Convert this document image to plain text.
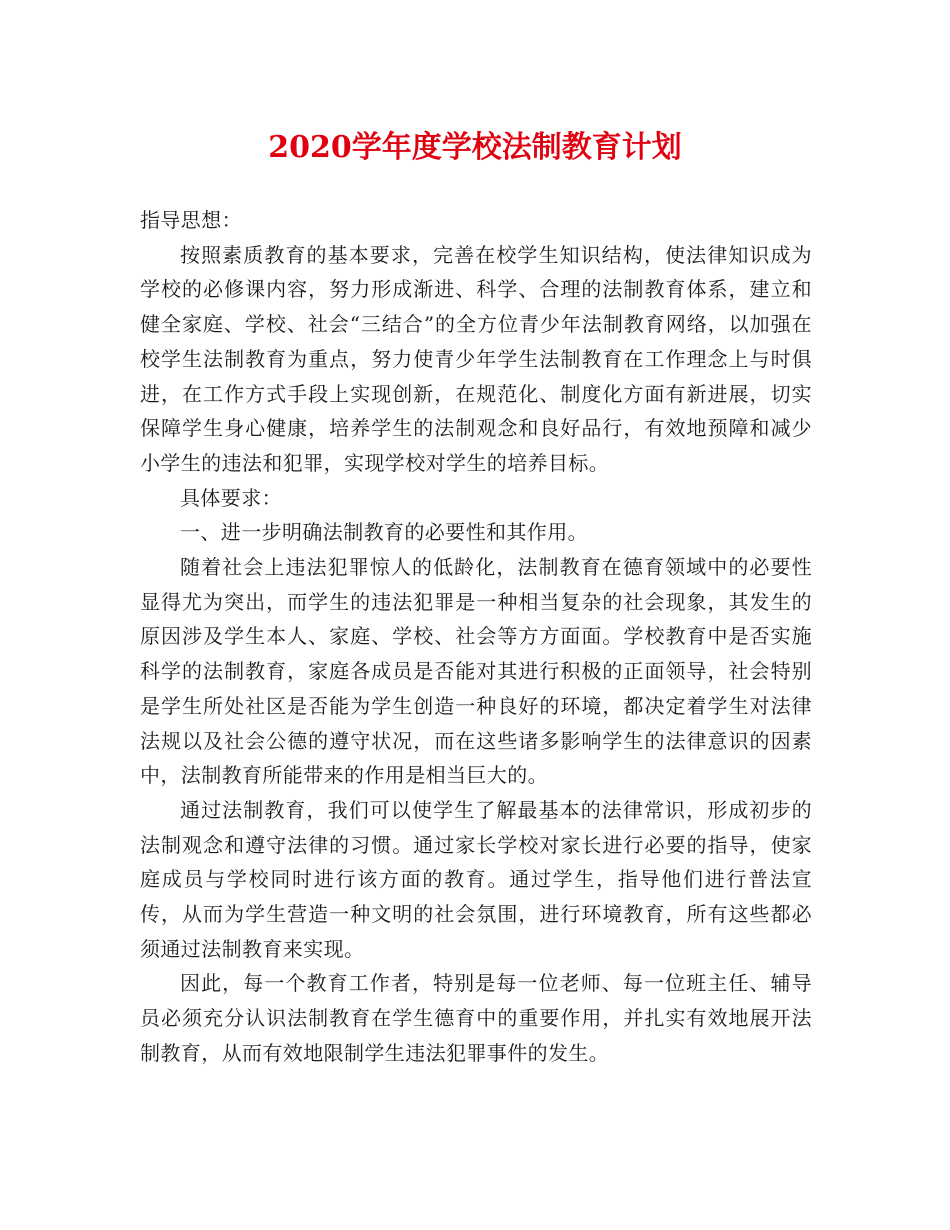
2020学年度学校法制教育计划

指导思想：

按照素质教育的基本要求，完善在校学生知识结构，使法律知识成为学校的必修课内容，努力形成渐进、科学、合理的法制教育体系，建立和健全家庭、学校、社会“三结合”的全方位青少年法制教育网络，以加强在校学生法制教育为重点，努力使青少年学生法制教育在工作理念上与时俱进，在工作方式手段上实现创新，在规范化、制度化方面有新进展，切实保障学生身心健康，培养学生的法制观念和良好品行，有效地预障和减少小学生的违法和犯罪，实现学校对学生的培养目标。

具体要求：

一、进一步明确法制教育的必要性和其作用。

随着社会上违法犯罪惊人的低龄化，法制教育在德育领域中的必要性显得尤为突出，而学生的违法犯罪是一种相当复杂的社会现象，其发生的原因涉及学生本人、家庭、学校、社会等方方面面。学校教育中是否实施科学的法制教育，家庭各成员是否能对其进行积极的正面领导，社会特别是学生所处社区是否能为学生创造一种良好的环境，都决定着学生对法律法规以及社会公德的遵守状况，而在这些诸多影响学生的法律意识的因素中，法制教育所能带来的作用是相当巨大的。

通过法制教育，我们可以使学生了解最基本的法律常识，形成初步的法制观念和遵守法律的习惯。通过家长学校对家长进行必要的指导，使家庭成员与学校同时进行该方面的教育。通过学生，指导他们进行普法宣传，从而为学生营造一种文明的社会氛围，进行环境教育，所有这些都必须通过法制教育来实现。

因此，每一个教育工作者，特别是每一位老师、每一位班主任、辅导员必须充分认识法制教育在学生德育中的重要作用，并扎实有效地展开法制教育，从而有效地限制学生违法犯罪事件的发生。
